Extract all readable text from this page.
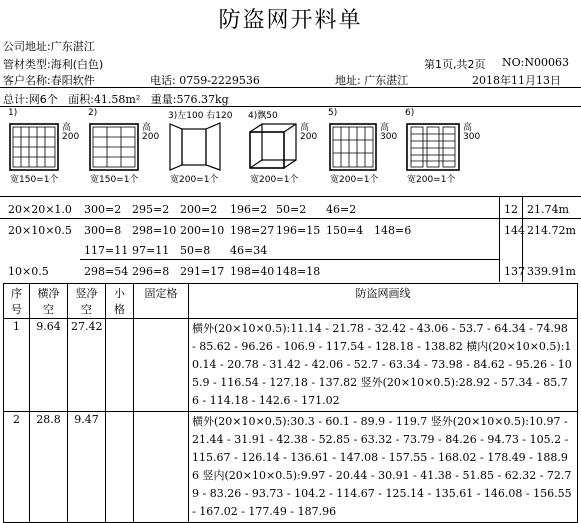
防盗网开料单
公司地址:广东湛江
管材类型:海利(白色)	第1页,共2页 NO:N00063
客户名称:春阳软件	电话: 0759-2229536	地址: 广东湛江	2018年11月13日
总计:网6个 面积:41.58m² 重量:576.37kg
1)
高200
宽150=1个
2)
高200
宽150=1个
3)左100 右120
宽200=1个
4)飘50
高200
宽200=1个
5)
高300
宽200=1个
6)
高300
宽200=1个
20×20×1.0 300=2 295=2 200=2 196=2 50=2 46=2	12 21.74m
20×10×0.5 300=8 298=10 200=10 198=27 196=15 150=4 148=6
117=11 97=11 50=8 46=34
144 214.72m
10×0.5	298=54 296=8 291=17 198=40 148=18	137 339.91m
序号	横净空	竖净空	小格	固定格	防盗网画线
1	9.64	27.42			横外(20×10×0.5):11.14 - 21.78 - 32.42 - 43.06 - 53.7 - 64.34 - 74.98 - 85.62 - 96.26 - 106.9 - 117.54 - 128.18 - 138.82 横内(20×10×0.5):10.14 - 20.78 - 31.42 - 42.06 - 52.7 - 63.34 - 73.98 - 84.62 - 95.26 - 105.9 - 116.54 - 127.18 - 137.82 竖外(20×10×0.5):28.92 - 57.34 - 85.76 - 114.18 - 142.6 - 171.02
2	28.8	9.47			横外(20×10×0.5):30.3 - 60.1 - 89.9 - 119.7 竖外(20×10×0.5):10.97 - 21.44 - 31.91 - 42.38 - 52.85 - 63.32 - 73.79 - 84.26 - 94.73 - 105.2 - 115.67 - 126.14 - 136.61 - 147.08 - 157.55 - 168.02 - 178.49 - 188.96 竖内(20×10×0.5):9.97 - 20.44 - 30.91 - 41.38 - 51.85 - 62.32 - 72.79 - 83.26 - 93.73 - 104.2 - 114.67 - 125.14 - 135.61 - 146.08 - 156.55 - 167.02 - 177.49 - 187.96
